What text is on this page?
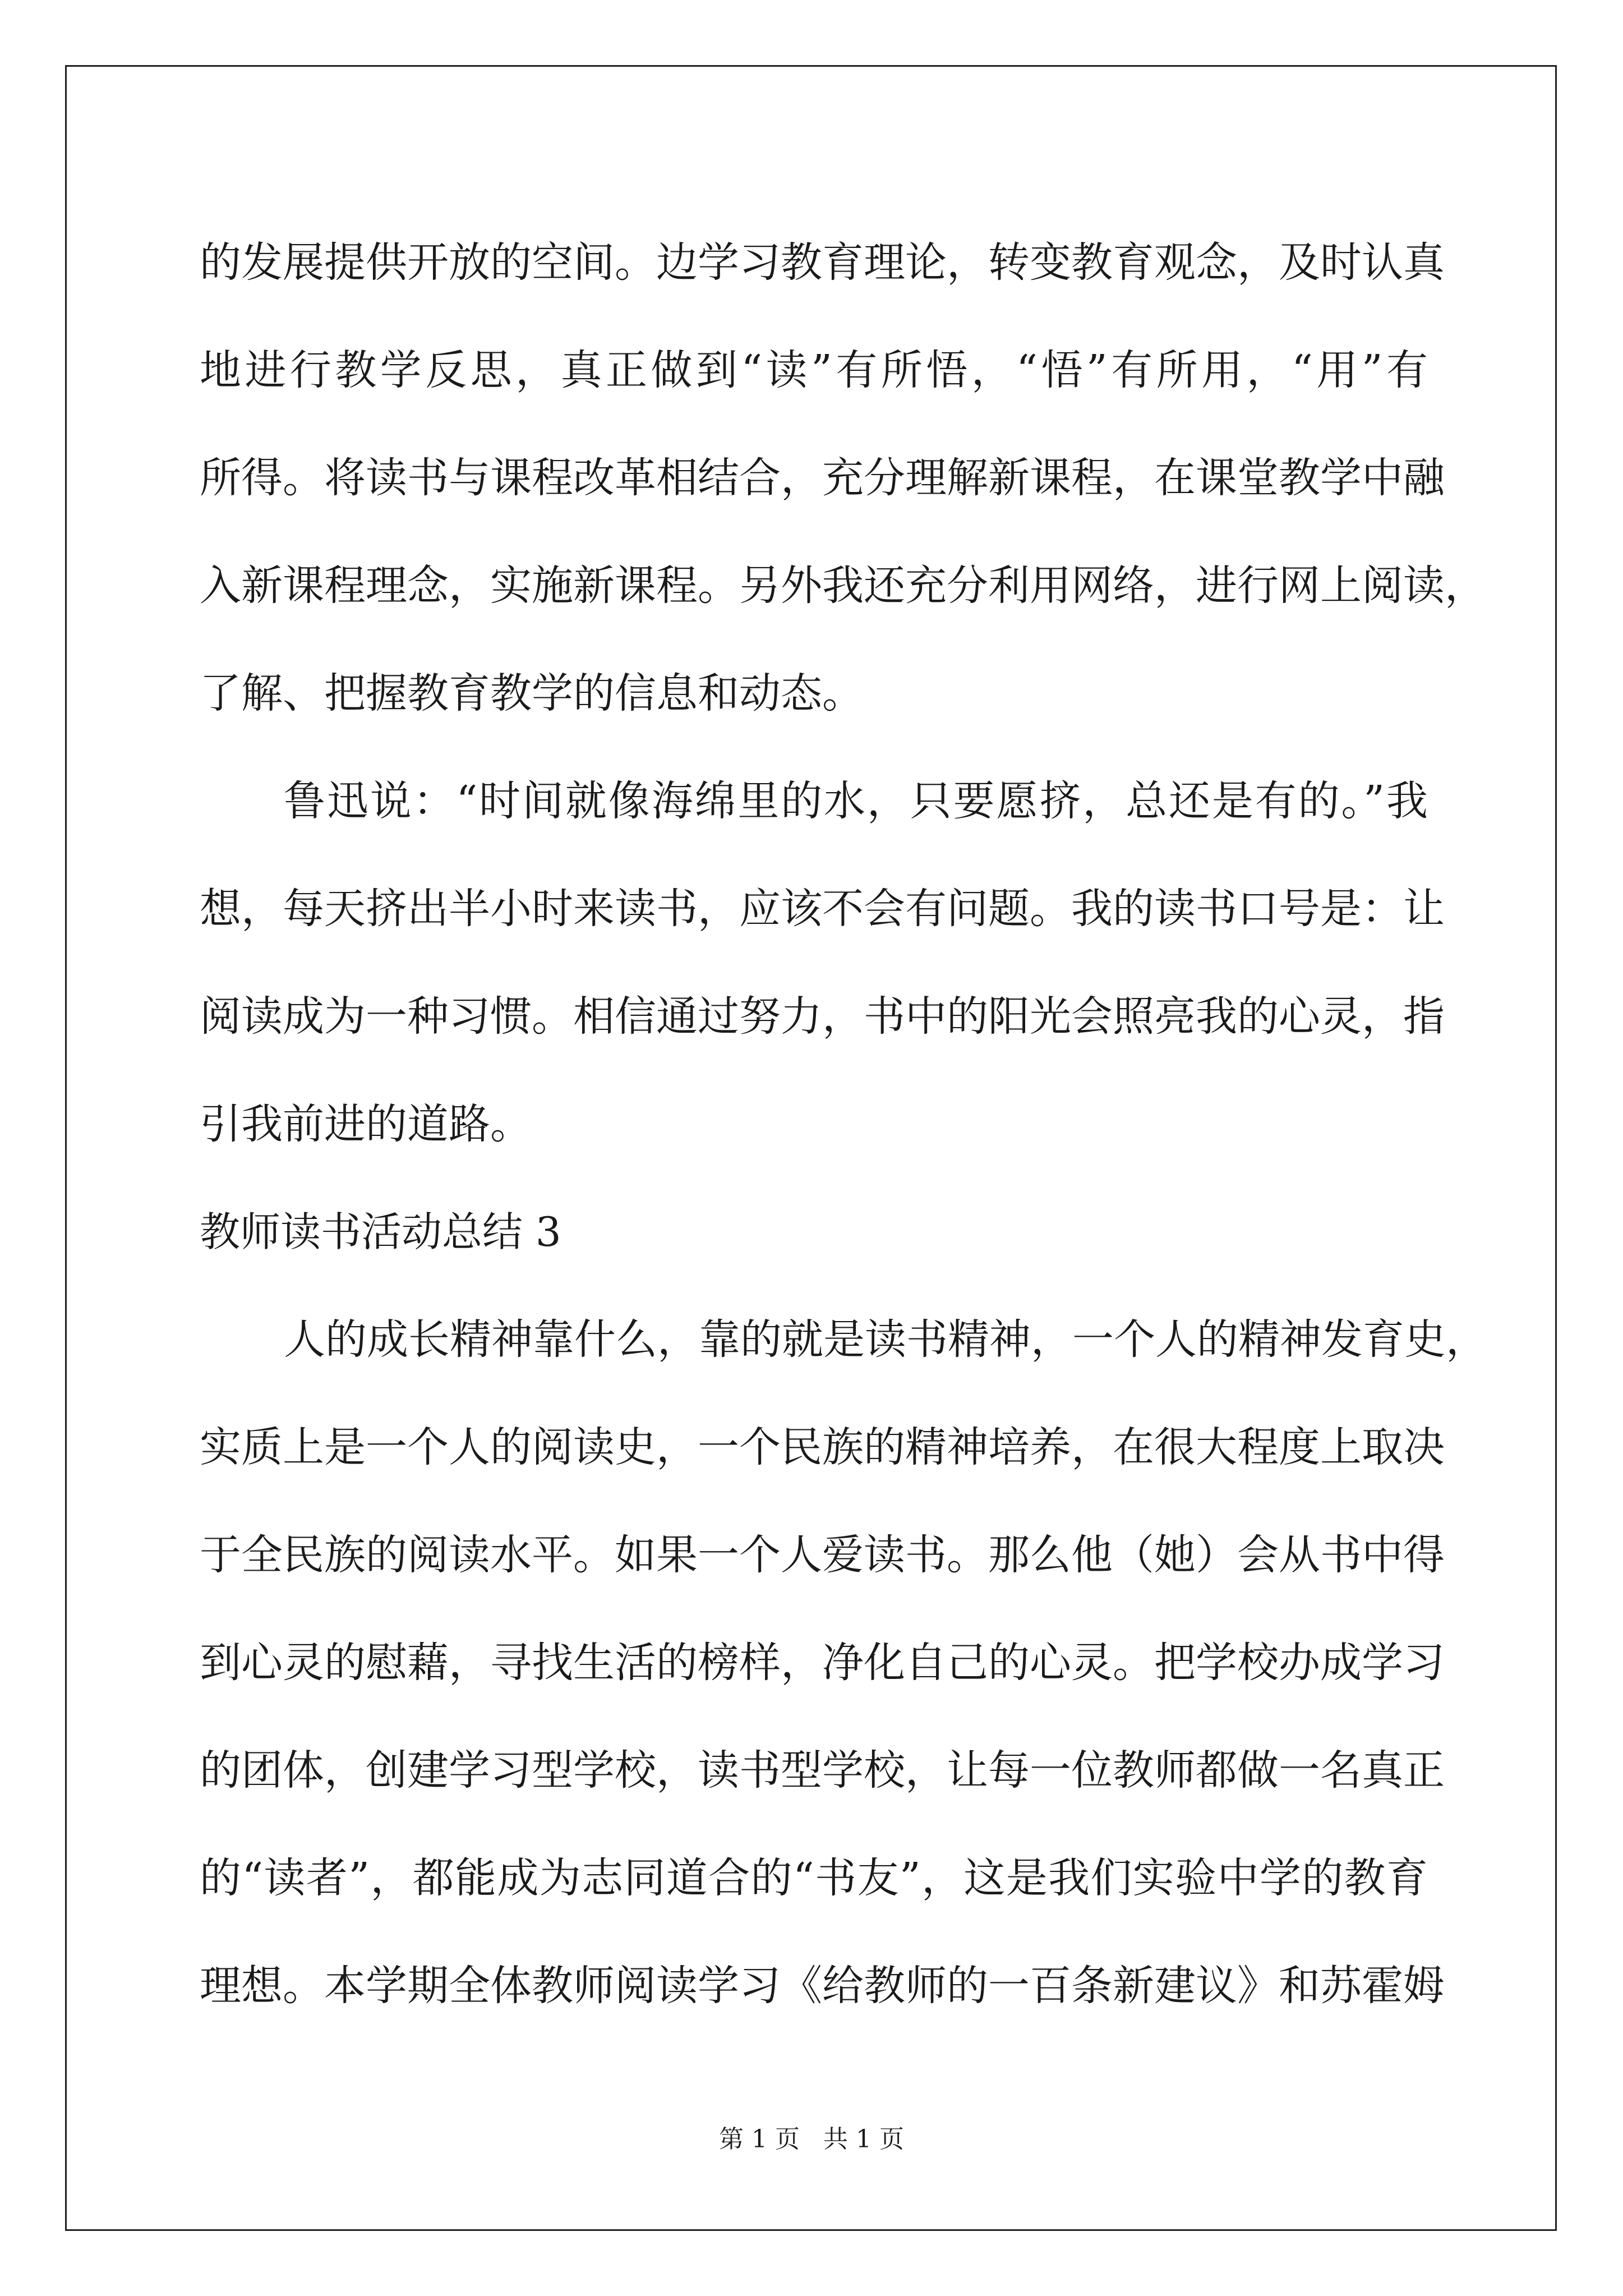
的发展提供开放的空间。边学习教育理论，转变教育观念，及时认真
地进行教学反思，真正做到“读”有所悟，“悟”有所用，“用”有
所得。将读书与课程改革相结合，充分理解新课程，在课堂教学中融
入新课程理念，实施新课程。另外我还充分利用网络，进行网上阅读，
了解、把握教育教学的信息和动态。
鲁迅说：“时间就像海绵里的水，只要愿挤，总还是有的。”我
想，每天挤出半小时来读书，应该不会有问题。我的读书口号是：让
阅读成为一种习惯。相信通过努力，书中的阳光会照亮我的心灵，指
引我前进的道路。
教师读书活动总结 3
人的成长精神靠什么，靠的就是读书精神，一个人的精神发育史，
实质上是一个人的阅读史，一个民族的精神培养，在很大程度上取决
于全民族的阅读水平。如果一个人爱读书。那么他（她）会从书中得
到心灵的慰藉，寻找生活的榜样，净化自己的心灵。把学校办成学习
的团体，创建学习型学校，读书型学校，让每一位教师都做一名真正
的“读者”，都能成为志同道合的“书友”，这是我们实验中学的教育
理想。本学期全体教师阅读学习《给教师的一百条新建议》和苏霍姆
第 1 页   共 1 页
